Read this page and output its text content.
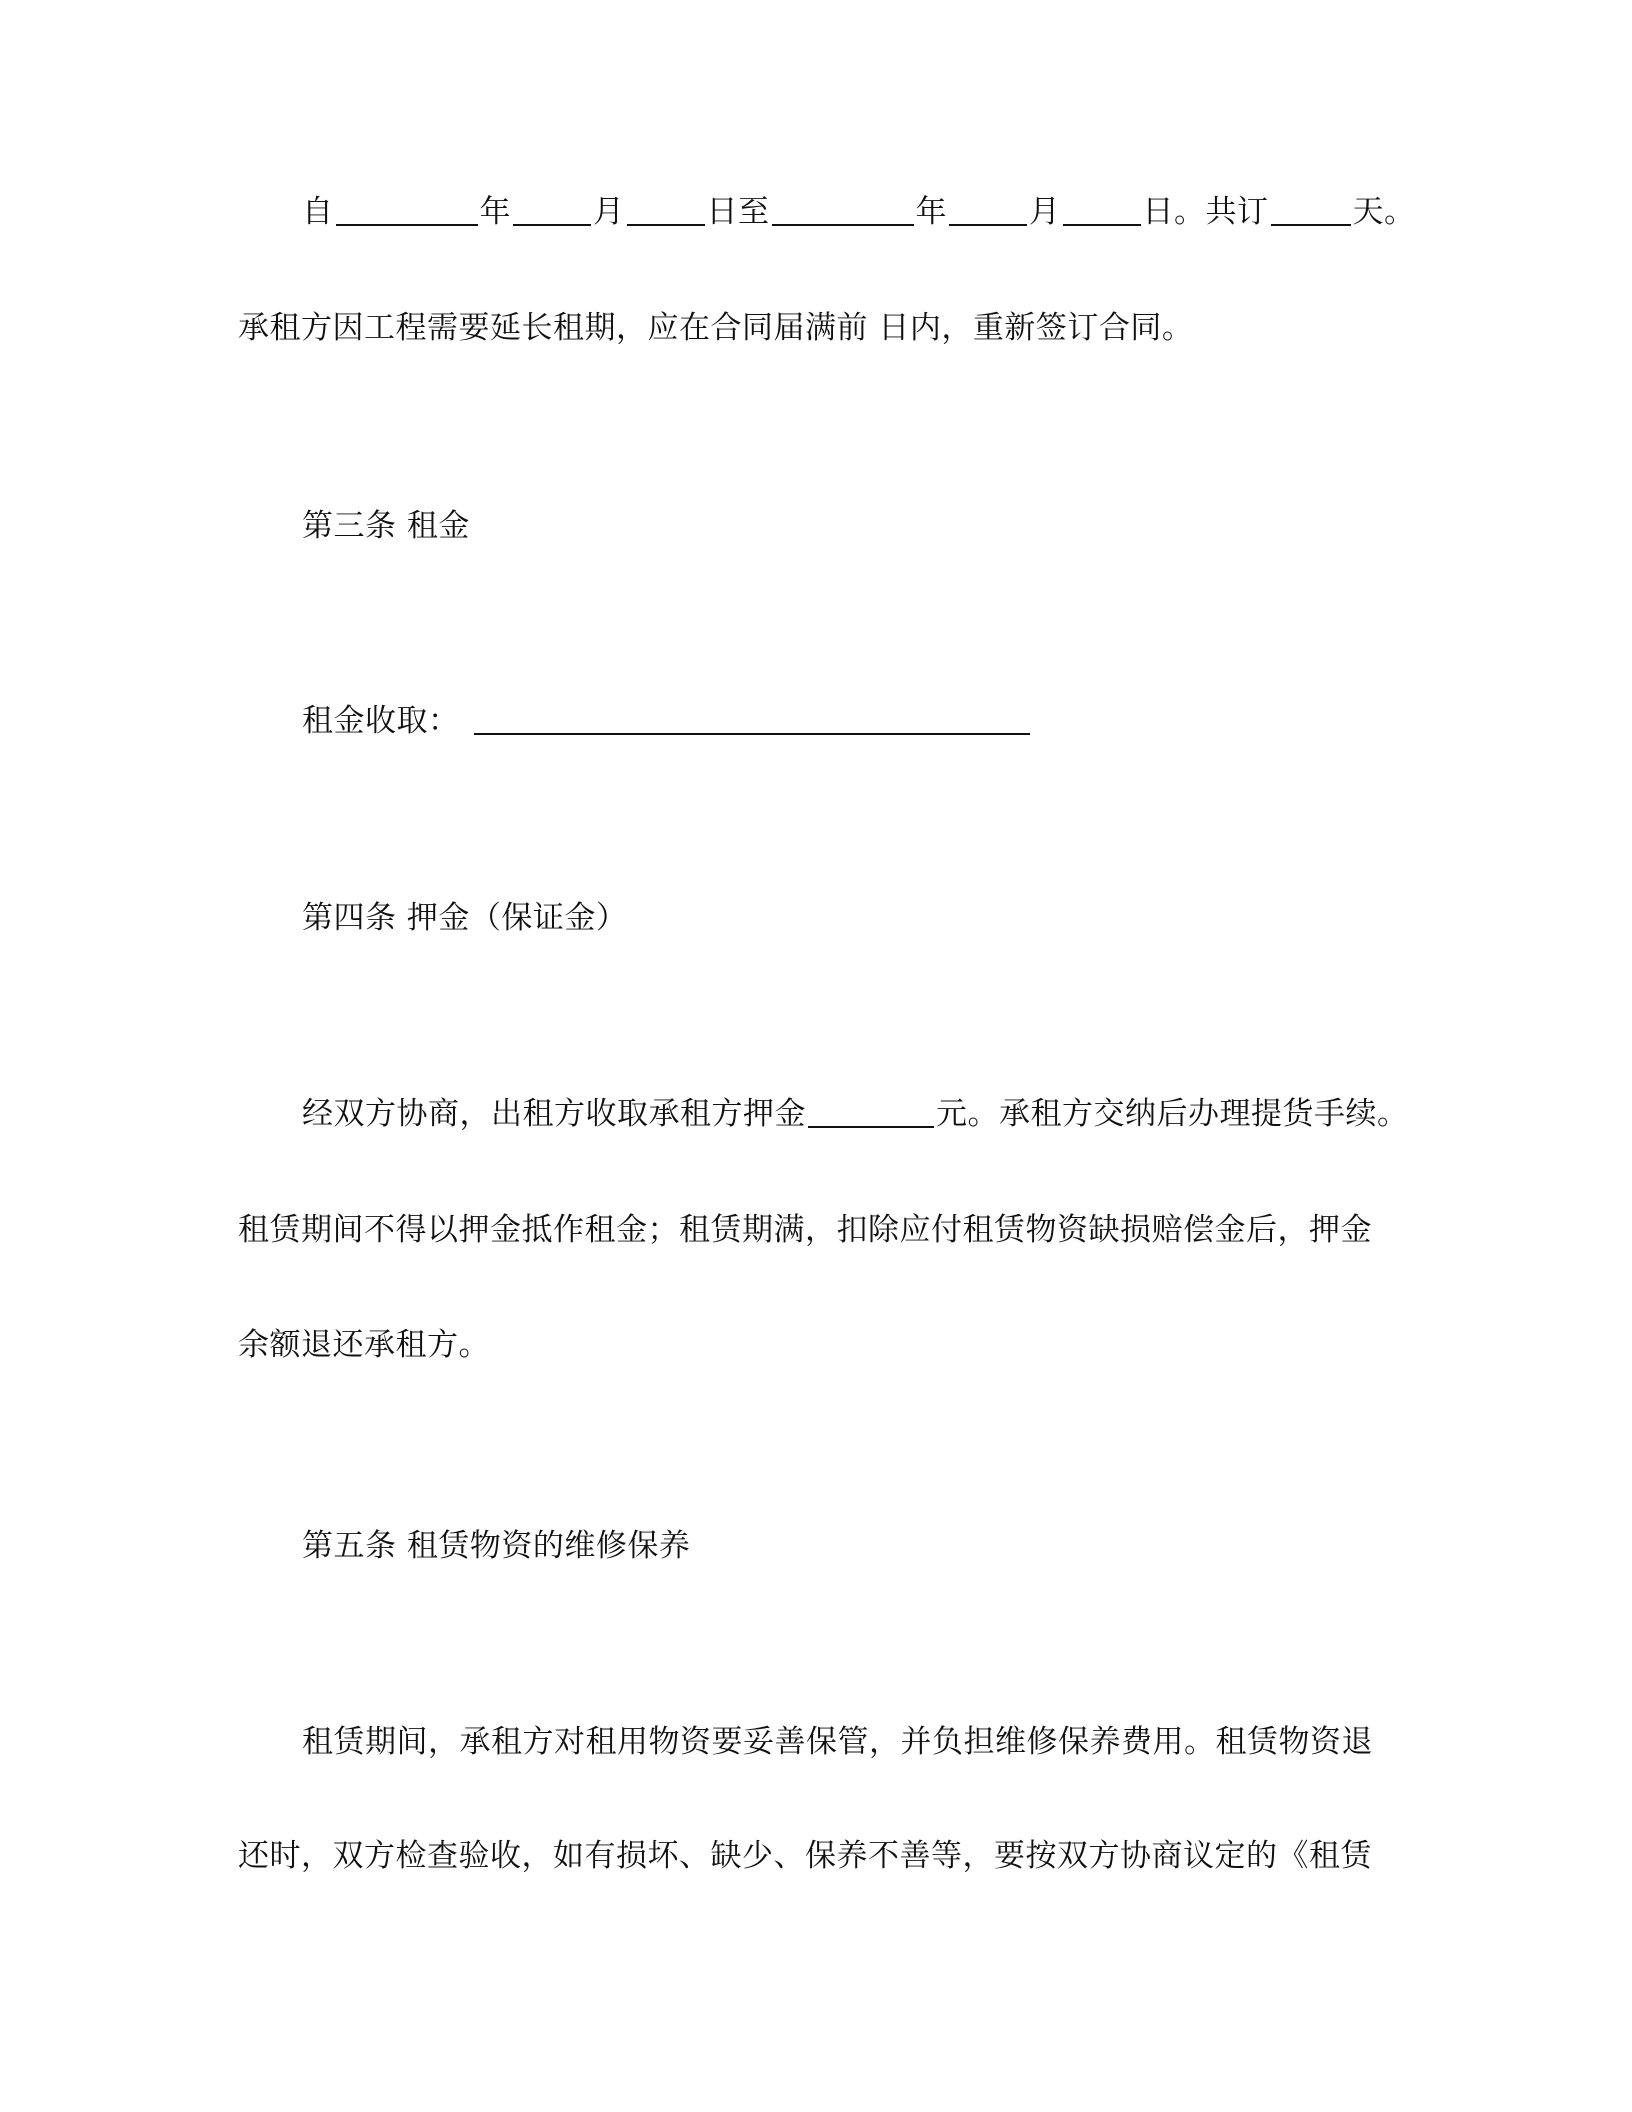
自	年	月	日至	年	月	日。共订	天。
承租方因工程需要延长租期，应在合同届满前 日内，重新签订合同。
第三条 租金
租金收取：
第四条 押金（保证金）
经双方协商，出租方收取承租方押金	元。承租方交纳后办理提货手续。
租赁期间不得以押金抵作租金；租赁期满，扣除应付租赁物资缺损赔偿金后，押金
余额退还承租方。
第五条 租赁物资的维修保养
租赁期间，承租方对租用物资要妥善保管，并负担维修保养费用。租赁物资退
还时，双方检查验收，如有损坏、缺少、保养不善等，要按双方协商议定的《租赁
